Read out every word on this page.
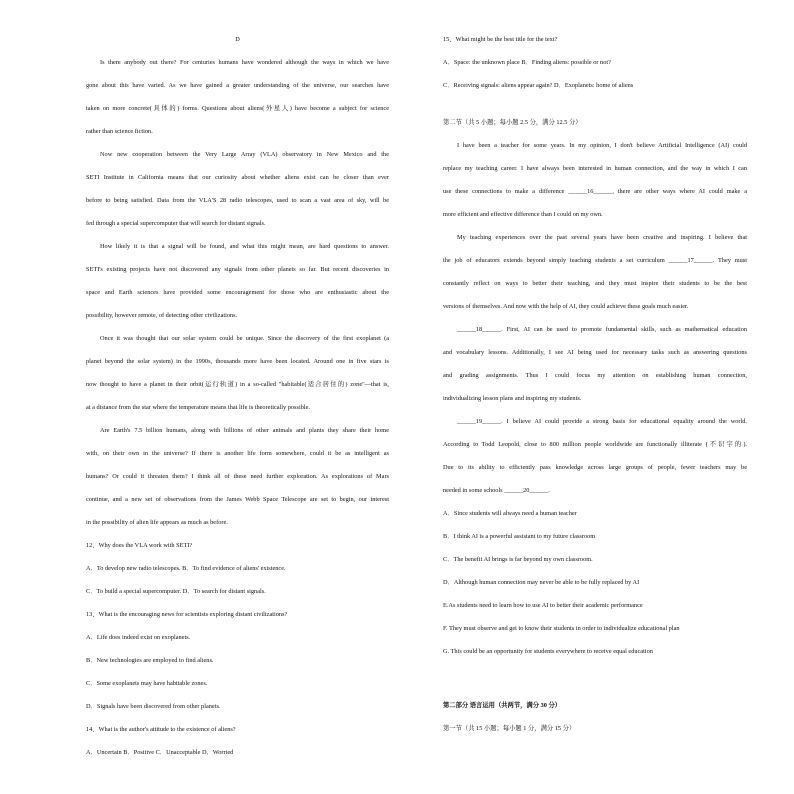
D
Is there anybody out there? For centuries humans have wondered although the ways in which we have
gone about this have varied. As we have gained a greater understanding of the universe, our searches have
taken on more concrete(具体的) forms. Questions about aliens(外星人) have become a subject for science
rather than science fiction.
Now new cooperation between the Very Large Array (VLA) observatory in New Mexico and the
SETI Institute in California means that our curiosity about whether aliens exist can be closer than ever
before to being satisfied. Data from the VLA'S 28 radio telescopes, used to scan a vast area of sky, will be
fed through a special supercomputer that will search for distant signals.
How likely it is that a signal will be found, and what this might mean, are hard questions to answer.
SETI's existing projects have not discovered any signals from other planets so far. But recent discoveries in
space and Earth sciences have provided some encouragement for those who are enthusiastic about the
possibility, however remote, of detecting other civilizations.
Once it was thought that our solar system could be unique. Since the discovery of the first exoplanet (a
planet beyond the solar system) in the 1990s, thousands more have been located. Around one in five stars is
now thought to have a planet in their orbit(运行轨道) in a so-called "habitable(适合居住的) zone"—that is,
at a distance from the star where the temperature means that life is theoretically possible.
Are Earth's 7.5 billion humans, along with billions of other animals and plants they share their home
with, on their own in the universe? If there is another life form somewhere, could it be as intelligent as
humans? Or could it threaten them? I think all of these need further exploration. As explorations of Mars
continue, and a new set of observations from the James Webb Space Telescope are set to begin, our interest
in the possibility of alien life appears as much as before.
12、Why does the VLA work with SETI?
A．To develop new radio telescopes. B．To find evidence of aliens' existence.
C．To build a special supercomputer. D．To search for distant signals.
13、What is the encouraging news for scientists exploring distant civilizations?
A．Life does indeed exist on exoplanets.
B．New technologies are employed to find aliens.
C．Some exoplanets may have habitable zones.
D．Signals have been discovered from other planets.
14、What is the author's attitude to the existence of aliens?
A．Uncertain B．Positive C．Unacceptable D．Worried
15、What might be the best title for the text?
A．Space: the unknown place B．Finding aliens: possible or not?
C．Receiving signals: aliens appear again? D．Exoplanets: home of aliens
第二节（共 5 小题；每小题 2.5 分，满分 12.5 分）
I have been a teacher for some years. In my opinion, I don't believe Artificial Intelligence (AI) could
replace my teaching career. I have always been interested in human connection, and the way in which I can
use these connections to make a difference ______16______, there are other ways where AI could make a
more efficient and effective difference than I could on my own.
My teaching experiences over the past several years have been creative and inspiring. I believe that
the job of educators extends beyond simply teaching students a set curriculum ______17______. They must
constantly reflect on ways to better their teaching, and they must inspire their students to be the best
versions of themselves. And now with the help of AI, they could achieve these goals much easier.
______18______. First, AI can be used to promote fundamental skills, such as mathematical education
and vocabulary lessons. Additionally, I see AI being used for necessary tasks such as answering questions
and grading assignments. Thus I could focus my attention on establishing human connection,
individualizing lesson plans and inspiring my students.
______19______. I believe AI could provide a strong basis for educational equality around the world.
According to Todd Leopold, close to 800 million people worldwide are functionally illiterate (不识字的).
Due to its ability to efficiently pass knowledge across large groups of people, fewer teachers may be
needed in some schools ______20______.
A．Since students will always need a human teacher
B．I think AI is a powerful assistant to my future classroom
C．The benefit AI brings is far beyond my own classroom.
D．Although human connection may never be able to be fully replaced by AI
E.As students need to learn how to use AI to better their academic performance
F. They must observe and get to know their students in order to individualize educational plan
G. This could be an opportunity for students everywhere to receive equal education
第二部分 语言运用（共两节，满分 30 分）
第一节（共 15 小题；每小题 1 分，满分 15 分）
